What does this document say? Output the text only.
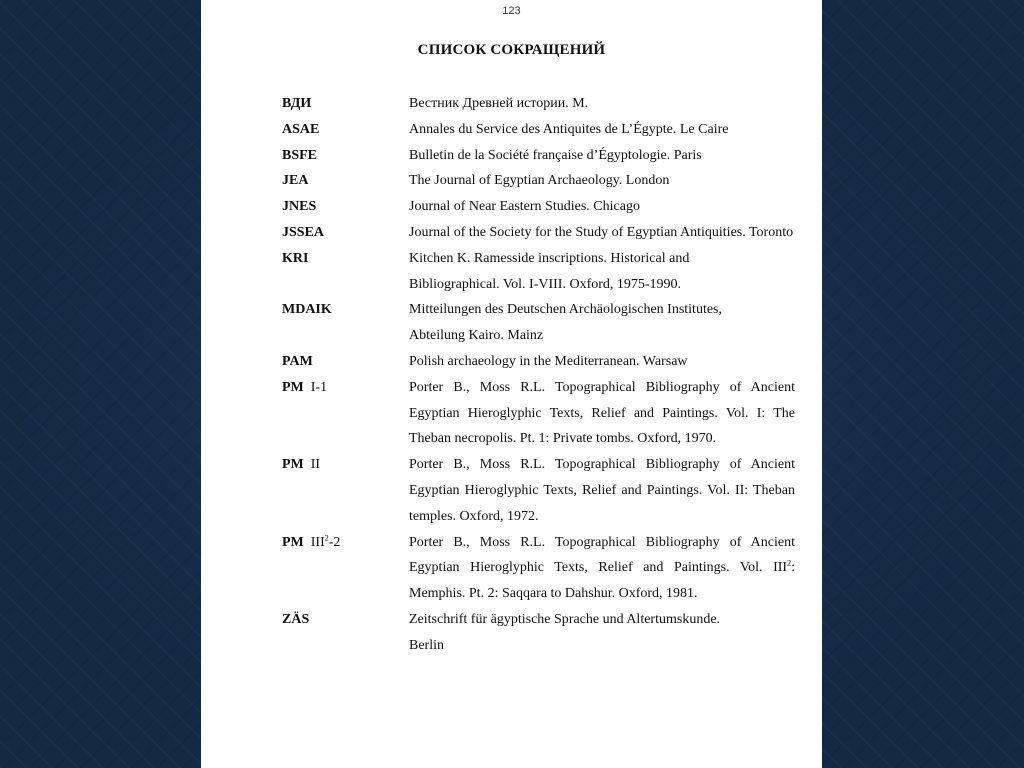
123
СПИСОК СОКРАЩЕНИЙ
ВДИ	Вестник Древней истории. М.
ASAE	Annales du Service des Antiquites de L’Égypte. Le Caire
BSFE	Bulletin de la Société française d’Égyptologie. Paris
JEA	The Journal of Egyptian Archaeology. London
JNES	Journal of Near Eastern Studies. Chicago
JSSEA	Journal of the Society for the Study of Egyptian Antiquities. Toronto
KRI	Kitchen K. Ramesside inscriptions. Historical and
Bibliographical. Vol. I-VIII. Oxford, 1975-1990.
MDAIK	Mitteilungen des Deutschen Archäologischen Institutes,
Abteilung Kairo. Mainz
PAM	Polish archaeology in the Mediterranean. Warsaw
PM I-1	Porter B., Moss R.L. Topographical Bibliography of Ancient Egyptian Hieroglyphic Texts, Relief and Paintings. Vol. I: The Theban necropolis. Pt. 1: Private tombs. Oxford, 1970.
PM II	Porter B., Moss R.L. Topographical Bibliography of Ancient Egyptian Hieroglyphic Texts, Relief and Paintings. Vol. II: Theban temples. Oxford, 1972.
PM III$^2$-2	Porter B., Moss R.L. Topographical Bibliography of Ancient Egyptian Hieroglyphic Texts, Relief and Paintings. Vol. III$^2$: Memphis. Pt. 2: Saqqara to Dahshur. Oxford, 1981.
ZÄS	Zeitschrift für ägyptische Sprache und Altertumskunde.
Berlin
